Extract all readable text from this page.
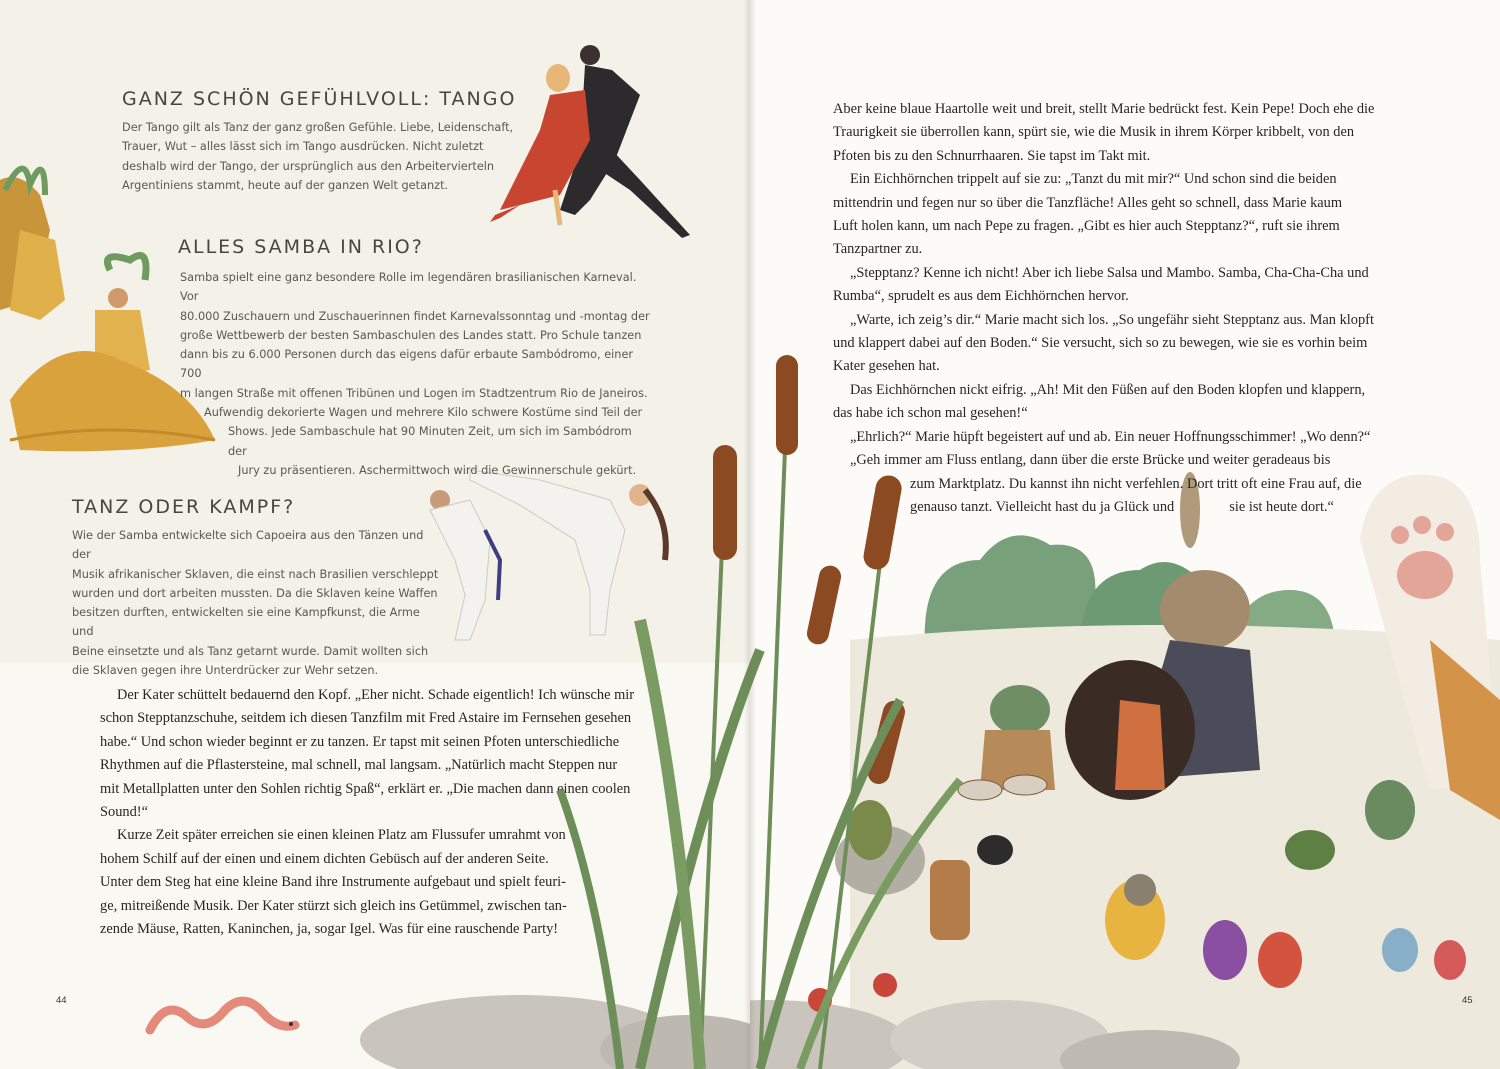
GANZ SCHÖN GEFÜHLVOLL: TANGO
Der Tango gilt als Tanz der ganz großen Gefühle. Liebe, Leidenschaft,
Trauer, Wut – alles lässt sich im Tango ausdrücken. Nicht zuletzt
deshalb wird der Tango, der ursprünglich aus den Arbeitervierteln
Argentiniens stammt, heute auf der ganzen Welt getanzt.
ALLES SAMBA IN RIO?
Samba spielt eine ganz besondere Rolle im legendären brasilianischen Karneval. Vor
80.000 Zuschauern und Zuschauerinnen findet Karnevalssonntag und -montag der
große Wettbewerb der besten Sambaschulen des Landes statt. Pro Schule tanzen
dann bis zu 6.000 Personen durch das eigens dafür erbaute Sambódromo, einer 700
m langen Straße mit offenen Tribünen und Logen im Stadtzentrum Rio de Janeiros.
Aufwendig dekorierte Wagen und mehrere Kilo schwere Kostüme sind Teil der
Shows. Jede Sambaschule hat 90 Minuten Zeit, um sich im Sambódrom der
Jury zu präsentieren. Aschermittwoch wird die Gewinnerschule gekürt.
TANZ ODER KAMPF?
Wie der Samba entwickelte sich Capoeira aus den Tänzen und der
Musik afrikanischer Sklaven, die einst nach Brasilien verschleppt
wurden und dort arbeiten mussten. Da die Sklaven keine Waffen
besitzen durften, entwickelten sie eine Kampfkunst, die Arme und
Beine einsetzte und als Tanz getarnt wurde. Damit wollten sich
die Sklaven gegen ihre Unterdrücker zur Wehr setzen.

Der Kater schüttelt bedauernd den Kopf. „Eher nicht. Schade eigentlich! Ich wünsche mir

schon Stepptanzschuhe, seitdem ich diesen Tanzfilm mit Fred Astaire im Fernsehen gesehen

habe.“ Und schon wieder beginnt er zu tanzen. Er tapst mit seinen Pfoten unterschiedliche

Rhythmen auf die Pflastersteine, mal schnell, mal langsam. „Natürlich macht Steppen nur

mit Metallplatten unter den Sohlen richtig Spaß“, erklärt er. „Die machen dann einen coolen

Sound!“

Kurze Zeit später erreichen sie einen kleinen Platz am Flussufer umrahmt von

hohem Schilf auf der einen und einem dichten Gebüsch auf der anderen Seite.

Unter dem Steg hat eine kleine Band ihre Instrumente aufgebaut und spielt feuri-

ge, mitreißende Musik. Der Kater stürzt sich gleich ins Getümmel, zwischen tan-

zende Mäuse, Ratten, Kaninchen, ja, sogar Igel. Was für eine rauschende Party!

44

Aber keine blaue Haartolle weit und breit, stellt Marie bedrückt fest. Kein Pepe! Doch ehe die

Traurigkeit sie überrollen kann, spürt sie, wie die Musik in ihrem Körper kribbelt, von den

Pfoten bis zu den Schnurrhaaren. Sie tapst im Takt mit.

Ein Eichhörnchen trippelt auf sie zu: „Tanzt du mit mir?“ Und schon sind die beiden

mittendrin und fegen nur so über die Tanzfläche! Alles geht so schnell, dass Marie kaum

Luft holen kann, um nach Pepe zu fragen. „Gibt es hier auch Stepptanz?“, ruft sie ihrem

Tanzpartner zu.

„Stepptanz? Kenne ich nicht! Aber ich liebe Salsa und Mambo. Samba, Cha-Cha-Cha und

Rumba“, sprudelt es aus dem Eichhörnchen hervor.

„Warte, ich zeig’s dir.“ Marie macht sich los. „So ungefähr sieht Stepptanz aus. Man klopft

und klappert dabei auf den Boden.“ Sie versucht, sich so zu bewegen, wie sie es vorhin beim

Kater gesehen hat.

Das Eichhörnchen nickt eifrig. „Ah! Mit den Füßen auf den Boden klopfen und klappern,

das habe ich schon mal gesehen!“

„Ehrlich?“ Marie hüpft begeistert auf und ab. Ein neuer Hoffnungsschimmer! „Wo denn?“

„Geh immer am Fluss entlang, dann über die erste Brücke und weiter geradeaus bis

zum Marktplatz. Du kannst ihn nicht verfehlen. Dort tritt oft eine Frau auf, die

genauso tanzt. Vielleicht hast du ja Glück und	sie ist heute dort.“

45
